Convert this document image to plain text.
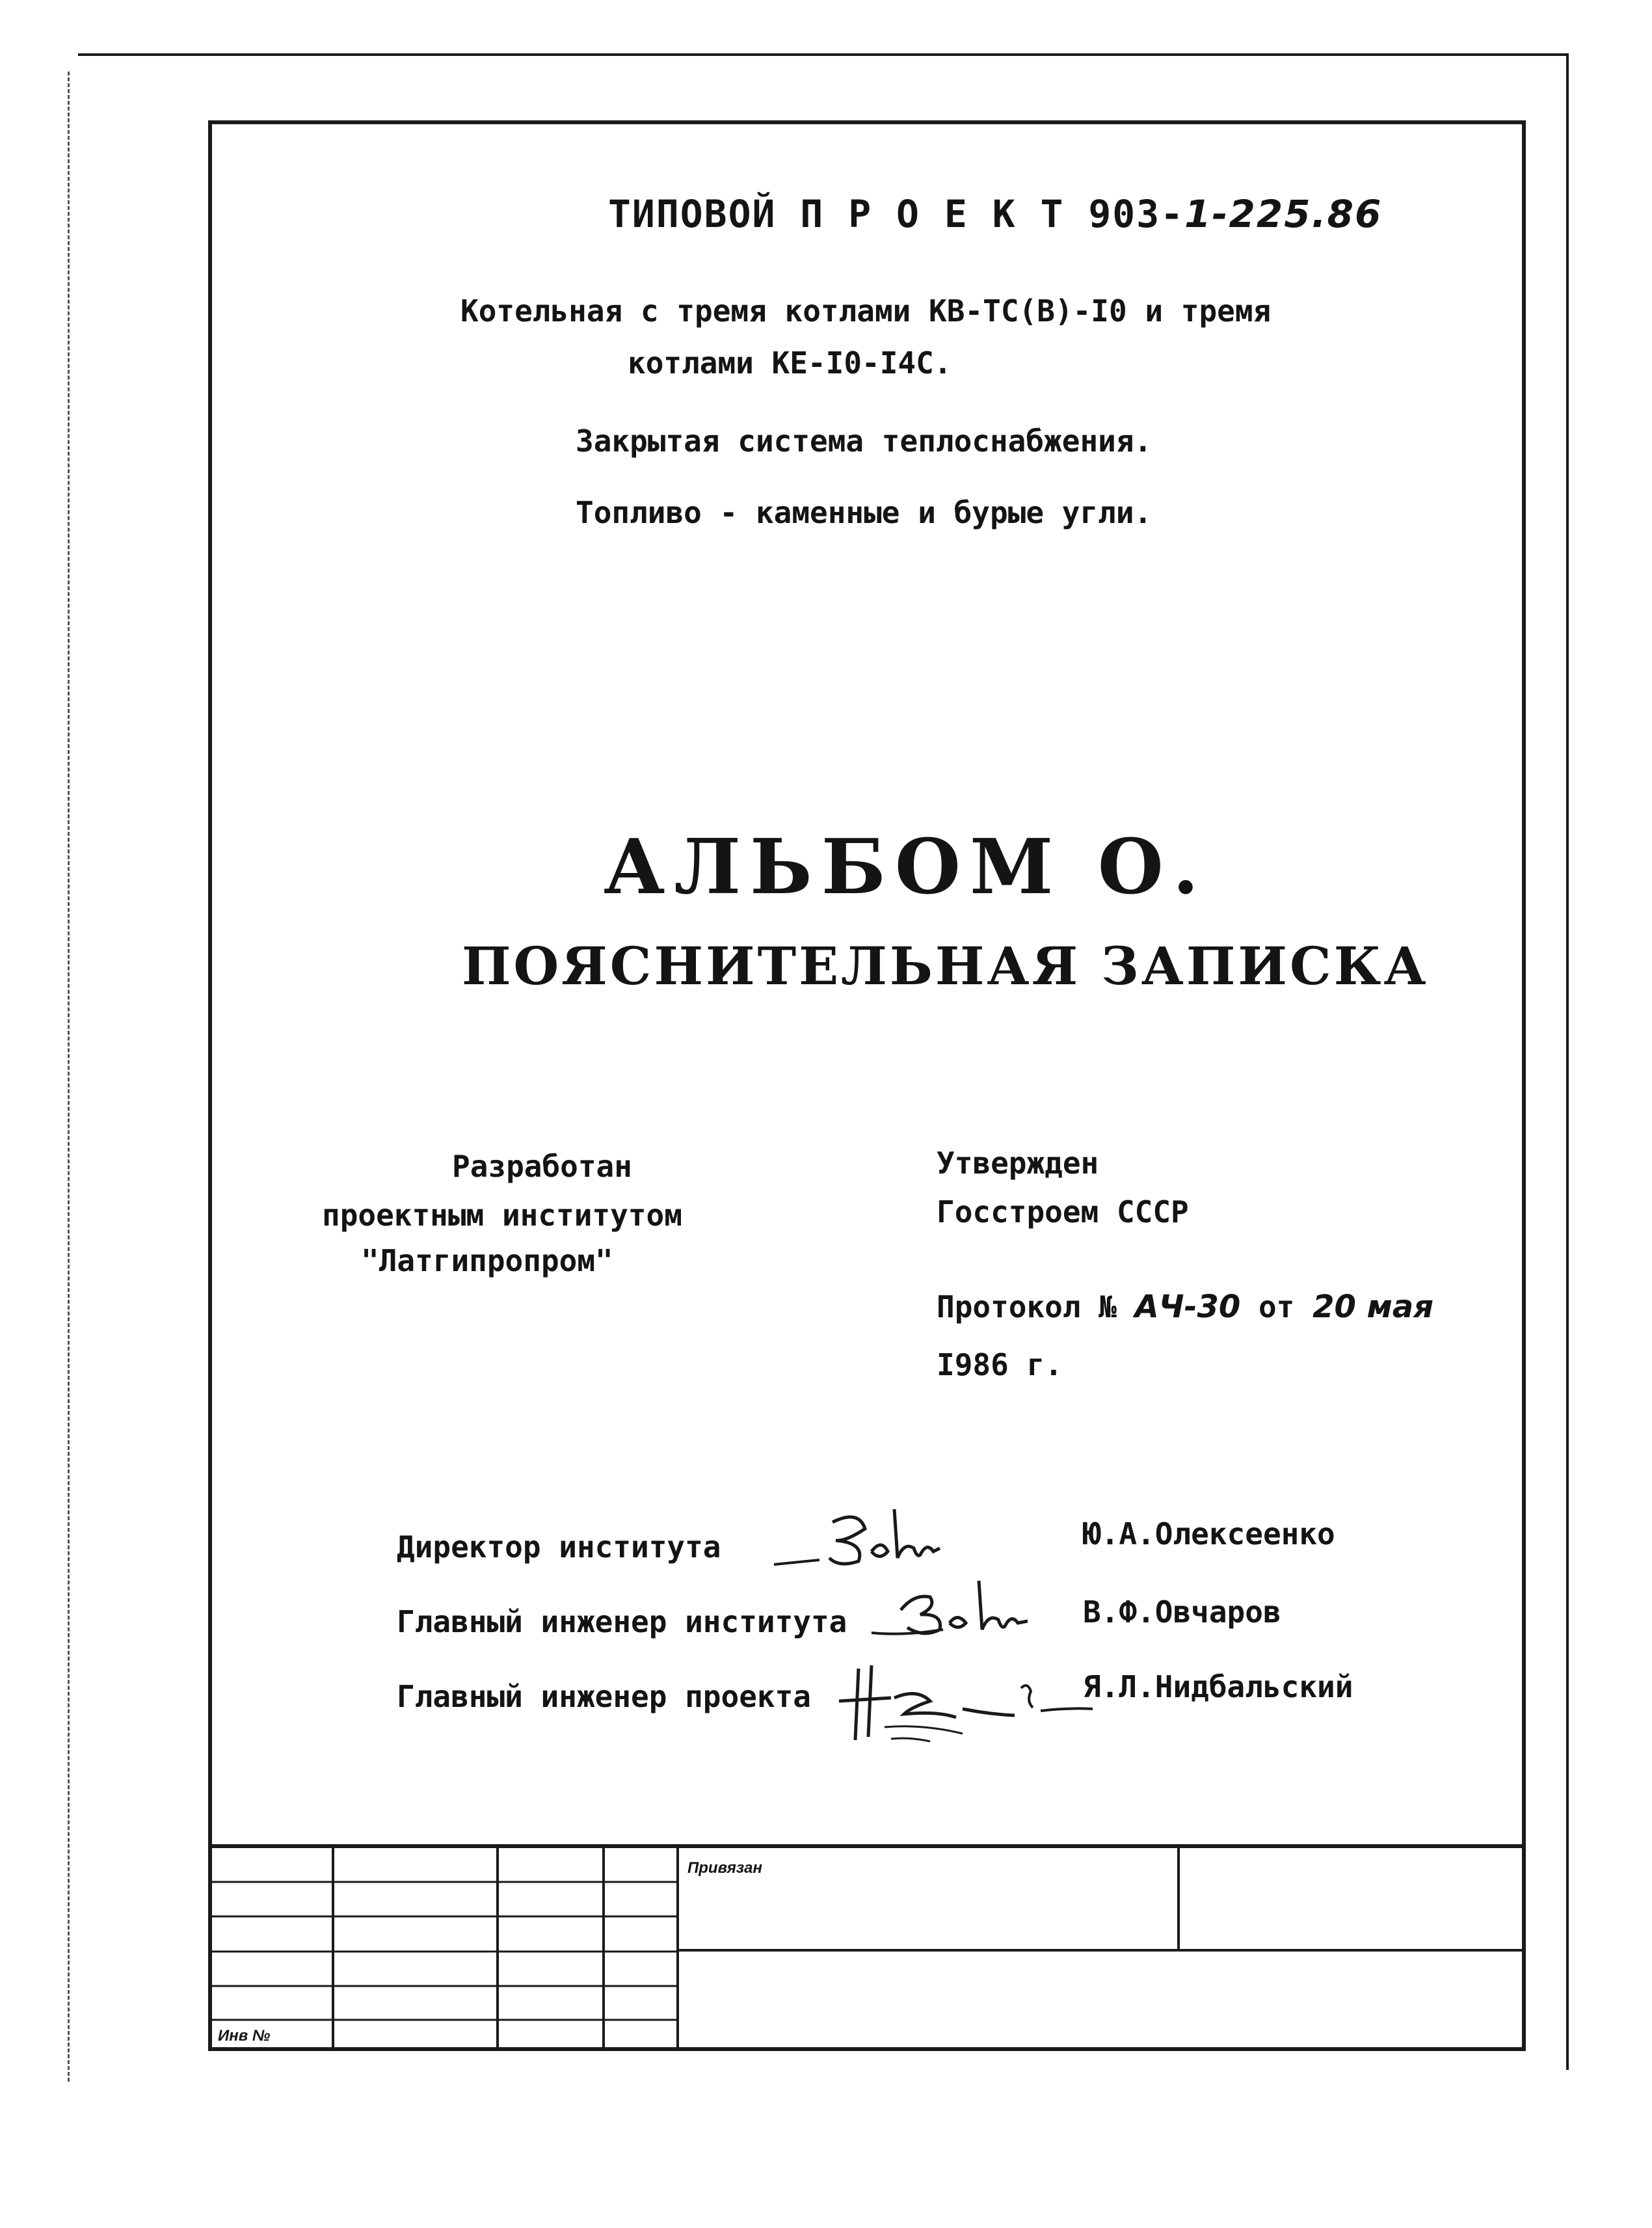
ТИПОВОЙ П Р О Е К Т 903-1-225.86
Котельная с тремя котлами КВ-ТС(В)-I0 и тремя
котлами КЕ-I0-I4С.
Закрытая система теплоснабжения.
Топливо - каменные и бурые угли.
АЛЬБОМ О.
ПОЯСНИТЕЛЬНАЯ ЗАПИСКА
Разработан
проектным институтом
"Латгипропром"
Утвержден
Госстроем СССР
Протокол № АЧ-30 от 20 мая
I986 г.
Директор института
Главный инженер института
Главный инженер проекта
Ю.А.Олексеенко
В.Ф.Овчаров
Я.Л.Нидбальский
Привязан
Инв №
